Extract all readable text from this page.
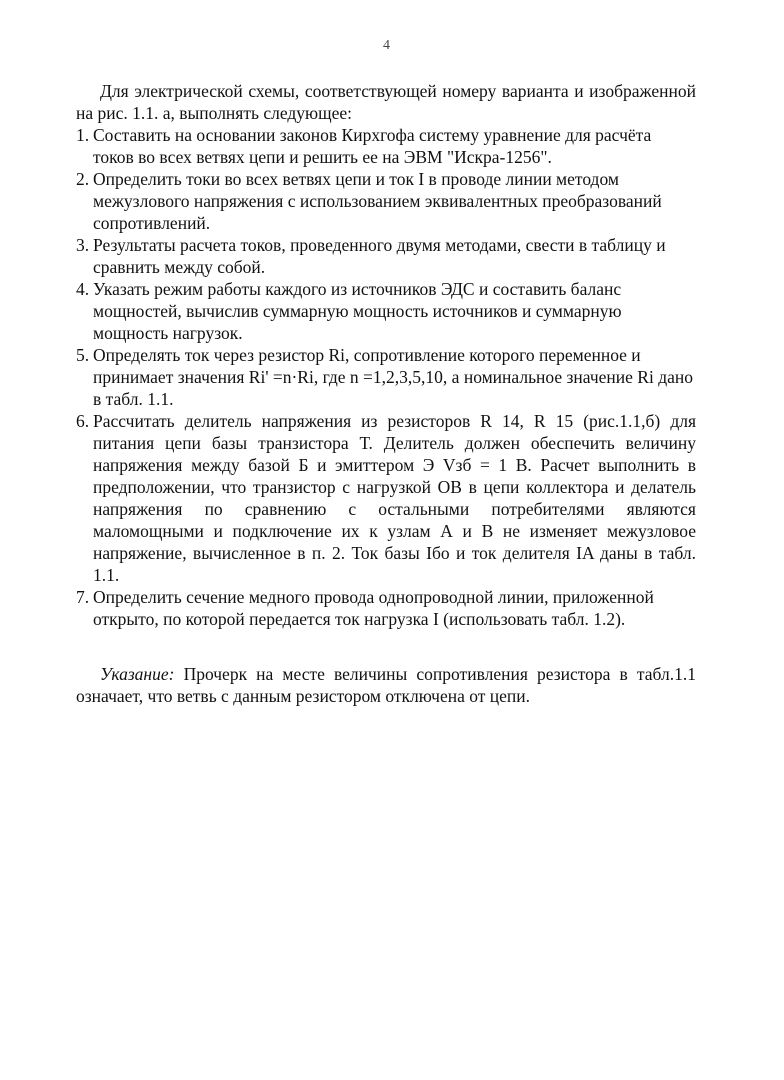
4

Для электрической схемы, соответствующей номеру варианта и изображенной на рис. 1.1. а, выполнять следующее:

1. Составить на основании законов Кирхгофа систему уравнение для расчёта токов во всех ветвях цепи и решить ее на ЭВМ "Искра-1256".
2. Определить токи во всех ветвях цепи и ток I в проводе линии методом межузлового напряжения с использованием эквивалентных преобразований сопротивлений.
3. Результаты расчета токов, проведенного двумя методами, свести в таблицу и сравнить между собой.
4. Указать режим работы каждого из источников ЭДС и составить баланс мощностей, вычислив суммарную мощность источников и суммарную мощность нагрузок.
5. Определять ток через резистор Ri, сопротивление которого переменное и принимает значения Ri' =n·Ri, где n =1,2,3,5,10, а номинальное значение Ri дано в табл. 1.1.
6. Рассчитать делитель напряжения из резисторов R 14, R 15 (рис.1.1,б) для питания цепи базы транзистора Т. Делитель должен обеспечить величину напряжения между базой Б и эмиттером Э Vзб = 1 В. Расчет выполнить в предположении, что транзистор с нагрузкой ОВ в цепи коллектора и делатель напряжения по сравнению с остальными потребителями являются маломощными и подключение их к узлам А и В не изменяет межузловое напряжение, вычисленное в п. 2. Ток базы Iбо и ток делителя IA даны в табл. 1.1.
7. Определить сечение медного провода однопроводной линии, приложенной открыто, по которой передается ток нагрузка I (использовать табл. 1.2).

Указание: Прочерк на месте величины сопротивления резистора в табл.1.1 означает, что ветвь с данным резистором отключена от цепи.
